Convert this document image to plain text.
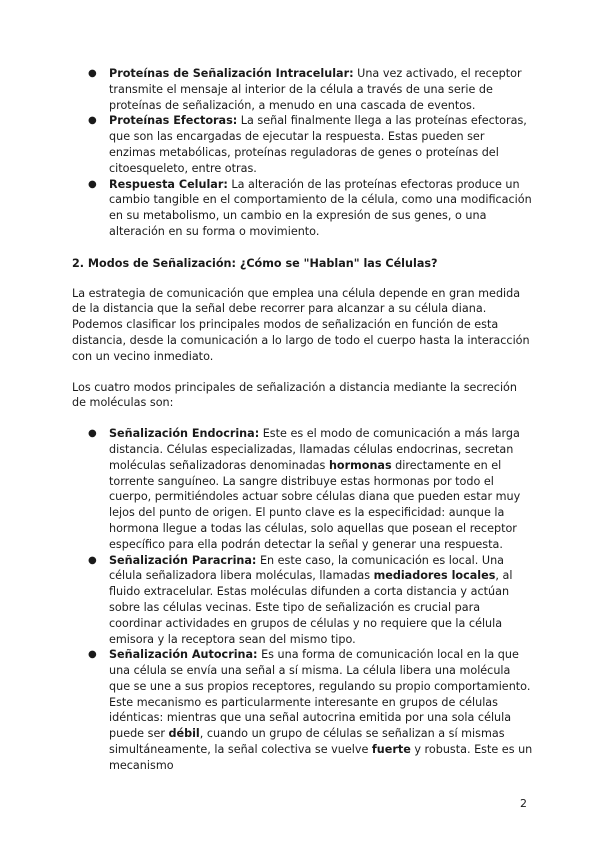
● Proteínas de Señalización Intracelular: Una vez activado, el receptor transmite el mensaje al interior de la célula a través de una serie de proteínas de señalización, a menudo en una cascada de eventos.
● Proteínas Efectoras: La señal finalmente llega a las proteínas efectoras, que son las encargadas de ejecutar la respuesta. Estas pueden ser enzimas metabólicas, proteínas reguladoras de genes o proteínas del citoesqueleto, entre otras.
● Respuesta Celular: La alteración de las proteínas efectoras produce un cambio tangible en el comportamiento de la célula, como una modificación en su metabolismo, un cambio en la expresión de sus genes, o una alteración en su forma o movimiento.
2. Modos de Señalización: ¿Cómo se "Hablan" las Células?

La estrategia de comunicación que emplea una célula depende en gran medida de la distancia que la señal debe recorrer para alcanzar a su célula diana. Podemos clasificar los principales modos de señalización en función de esta distancia, desde la comunicación a lo largo de todo el cuerpo hasta la interacción con un vecino inmediato.

Los cuatro modos principales de señalización a distancia mediante la secreción de moléculas son:

● Señalización Endocrina: Este es el modo de comunicación a más larga distancia. Células especializadas, llamadas células endocrinas, secretan moléculas señalizadoras denominadas hormonas directamente en el torrente sanguíneo. La sangre distribuye estas hormonas por todo el cuerpo, permitiéndoles actuar sobre células diana que pueden estar muy lejos del punto de origen. El punto clave es la especificidad: aunque la hormona llegue a todas las células, solo aquellas que posean el receptor específico para ella podrán detectar la señal y generar una respuesta.
● Señalización Paracrina: En este caso, la comunicación es local. Una célula señalizadora libera moléculas, llamadas mediadores locales, al fluido extracelular. Estas moléculas difunden a corta distancia y actúan sobre las células vecinas. Este tipo de señalización es crucial para coordinar actividades en grupos de células y no requiere que la célula emisora y la receptora sean del mismo tipo.
● Señalización Autocrina: Es una forma de comunicación local en la que una célula se envía una señal a sí misma. La célula libera una molécula que se une a sus propios receptores, regulando su propio comportamiento. Este mecanismo es particularmente interesante en grupos de células idénticas: mientras que una señal autocrina emitida por una sola célula puede ser débil, cuando un grupo de células se señalizan a sí mismas simultáneamente, la señal colectiva se vuelve fuerte y robusta. Este es un mecanismo
2
